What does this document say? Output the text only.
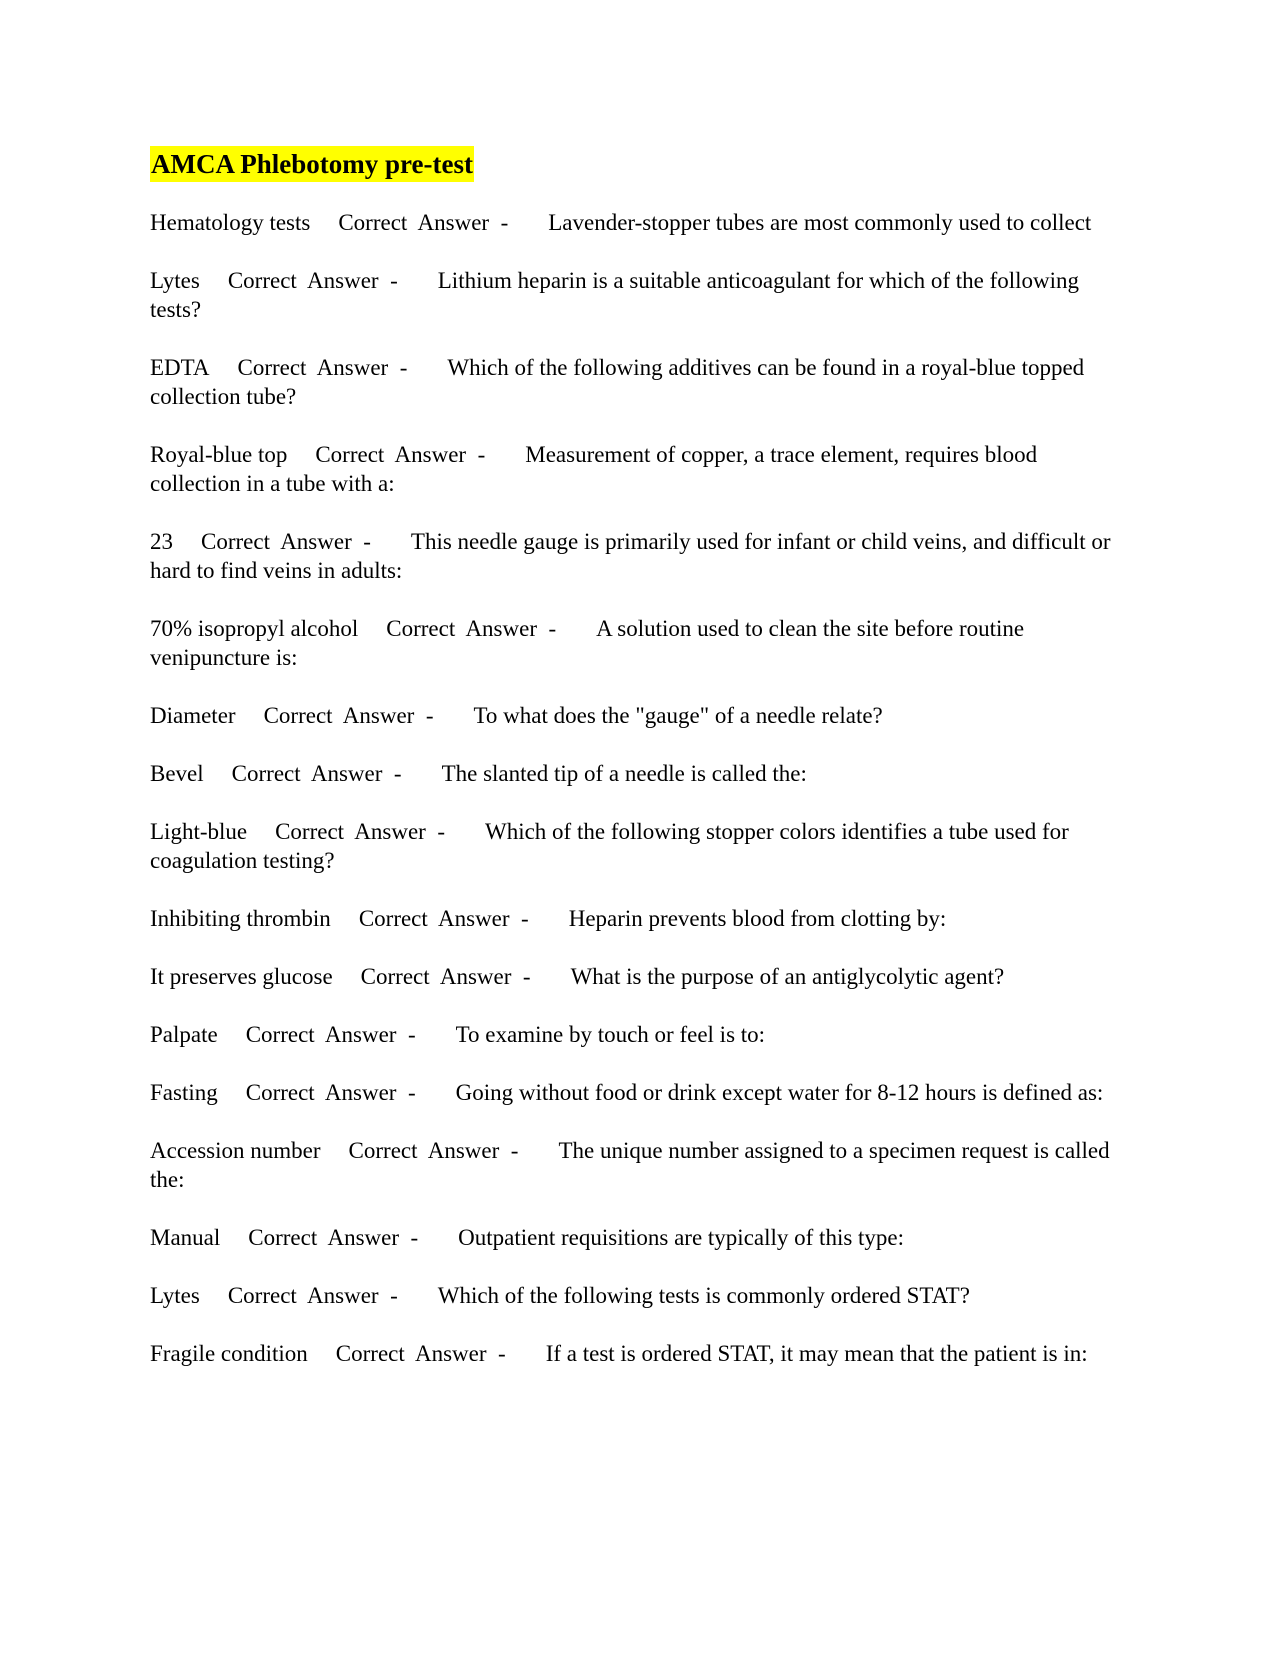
AMCA Phlebotomy pre-test

Hematology tests Correct  Answer  - Lavender-stopper tubes are most commonly used to collect

Lytes Correct  Answer  - Lithium heparin is a suitable anticoagulant for which of the following tests?

EDTA Correct  Answer  - Which of the following additives can be found in a royal-blue topped collection tube?

Royal-blue top Correct  Answer  - Measurement of copper, a trace element, requires blood collection in a tube with a:

23 Correct  Answer  - This needle gauge is primarily used for infant or child veins, and difficult or hard to find veins in adults:

70% isopropyl alcohol Correct  Answer  - A solution used to clean the site before routine venipuncture is:

Diameter Correct  Answer  - To what does the "gauge" of a needle relate?

Bevel Correct  Answer  - The slanted tip of a needle is called the:

Light-blue Correct  Answer  - Which of the following stopper colors identifies a tube used for coagulation testing?

Inhibiting thrombin Correct  Answer  - Heparin prevents blood from clotting by:

It preserves glucose Correct  Answer  - What is the purpose of an antiglycolytic agent?

Palpate Correct  Answer  - To examine by touch or feel is to:

Fasting Correct  Answer  - Going without food or drink except water for 8-12 hours is defined as:

Accession number Correct  Answer  - The unique number assigned to a specimen request is called the:

Manual Correct  Answer  - Outpatient requisitions are typically of this type:

Lytes Correct  Answer  - Which of the following tests is commonly ordered STAT?

Fragile condition Correct  Answer  - If a test is ordered STAT, it may mean that the patient is in:
